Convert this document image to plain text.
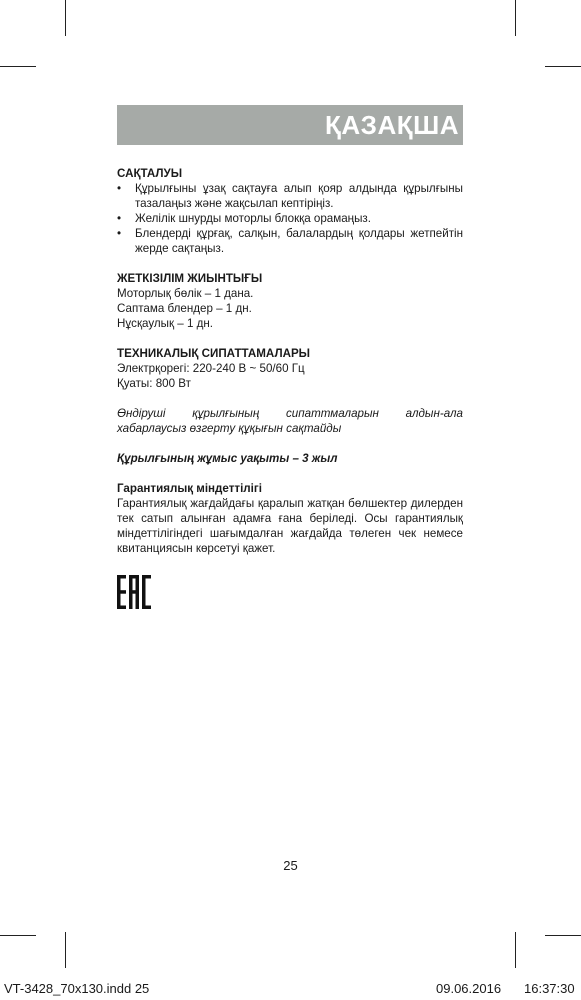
ҚАЗАҚША

САҚТАЛУЫ

• Құрылғыны ұзақ сақтауға алып қояр алдында құрылғыны тазалаңыз және жақсылап кептіріңіз.
• Желілік шнурды моторлы блокқа орамаңыз.
• Блендерді құрғақ, салқын, балалардың қолдары жетпейтін жерде сақтаңыз.

ЖЕТКІЗІЛІМ ЖИЫНТЫҒЫ

Моторлық бөлік – 1 дана.

Саптама блендер – 1 дн.

Нұсқаулық – 1 дн.

ТЕХНИКАЛЫҚ СИПАТТАМАЛАРЫ

Электрқорегі: 220-240 В ~ 50/60 Гц

Қуаты: 800 Вт

Өндіруші құрылғының сипаттмаларын алдын-ала хабарлаусыз өзгерту құқығын сақтайды

Құрылғының жұмыс уақыты – 3 жыл

Гарантиялық міндеттілігі

Гарантиялық жағдайдағы қаралып жатқан бөлшектер дилерден тек сатып алынған адамға ғана беріледі. Осы гарантиялық міндеттілігіндегі шағымдалған жағдайда төлеген чек немесе квитанциясын көрсетуі қажет.

25
VT-3428_70x130.indd 25	09.06.2016 16:37:30
